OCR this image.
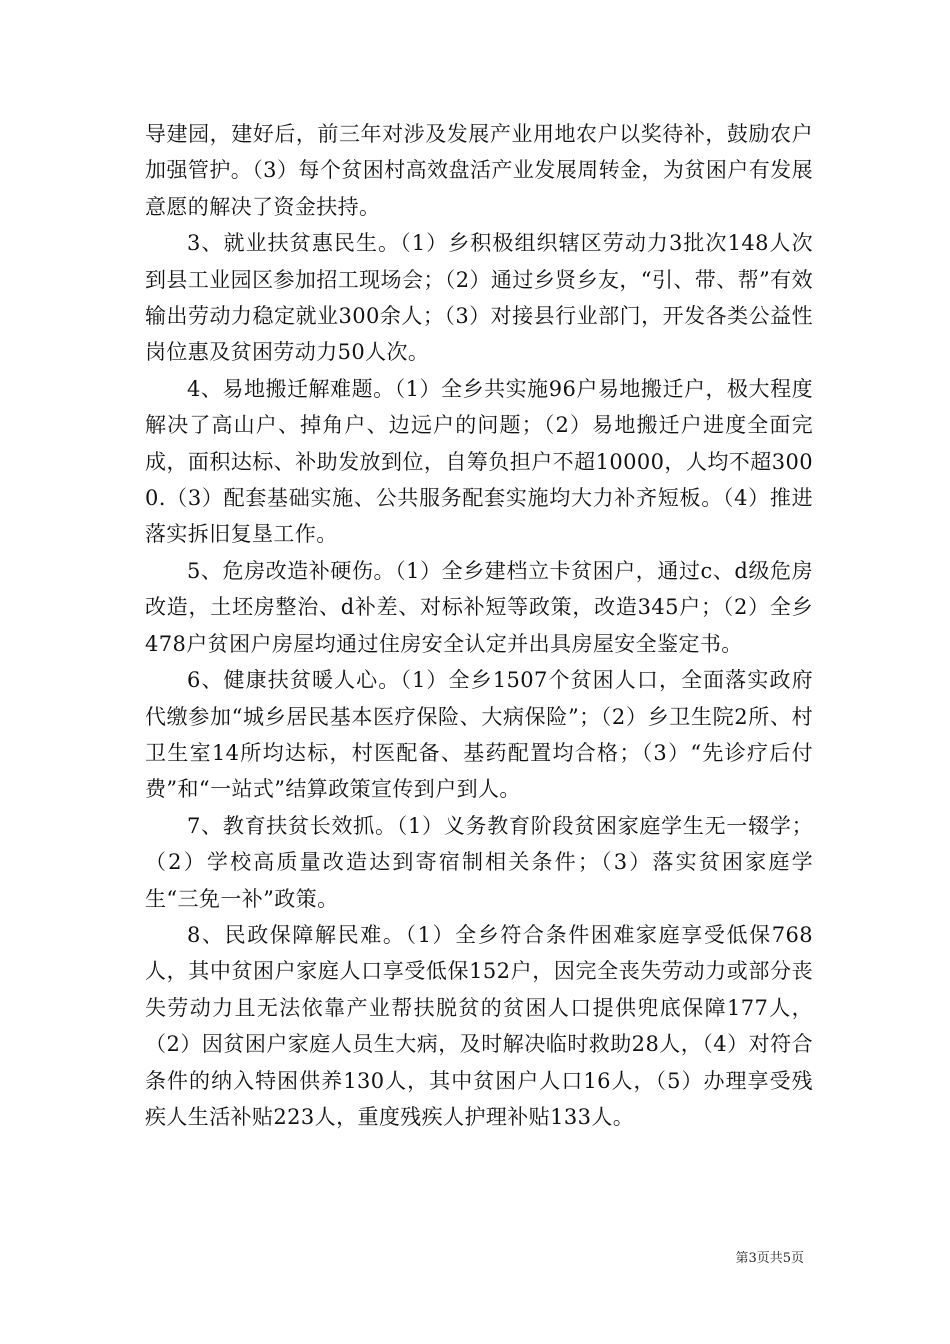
导建园，建好后，前三年对涉及发展产业用地农户以奖待补，鼓励农户加强管护。（3）每个贫困村高效盘活产业发展周转金，为贫困户有发展意愿的解决了资金扶持。

3、就业扶贫惠民生。（1）乡积极组织辖区劳动力3批次148人次到县工业园区参加招工现场会；（2）通过乡贤乡友，“引、带、帮”有效输出劳动力稳定就业300余人；（3）对接县行业部门，开发各类公益性岗位惠及贫困劳动力50人次。

4、易地搬迁解难题。（1）全乡共实施96户易地搬迁户，极大程度解决了高山户、掉角户、边远户的问题；（2）易地搬迁户进度全面完成，面积达标、补助发放到位，自筹负担户不超10000，人均不超3000.（3）配套基础实施、公共服务配套实施均大力补齐短板。（4）推进落实拆旧复垦工作。

5、危房改造补硬伤。（1）全乡建档立卡贫困户，通过c、d级危房改造，土坯房整治、d补差、对标补短等政策，改造345户；（2）全乡478户贫困户房屋均通过住房安全认定并出具房屋安全鉴定书。

6、健康扶贫暖人心。（1）全乡1507个贫困人口，全面落实政府代缴参加“城乡居民基本医疗保险、大病保险”；（2）乡卫生院2所、村卫生室14所均达标，村医配备、基药配置均合格；（3）“先诊疗后付费”和“一站式”结算政策宣传到户到人。

7、教育扶贫长效抓。（1）义务教育阶段贫困家庭学生无一辍学；（2）学校高质量改造达到寄宿制相关条件；（3）落实贫困家庭学生“三免一补”政策。

8、民政保障解民难。（1）全乡符合条件困难家庭享受低保768人，其中贫困户家庭人口享受低保152户，因完全丧失劳动力或部分丧失劳动力且无法依靠产业帮扶脱贫的贫困人口提供兜底保障177人，（2）因贫困户家庭人员生大病，及时解决临时救助28人，（4）对符合条件的纳入特困供养130人，其中贫困户人口16人，（5）办理享受残疾人生活补贴223人，重度残疾人护理补贴133人。

第3页共5页
